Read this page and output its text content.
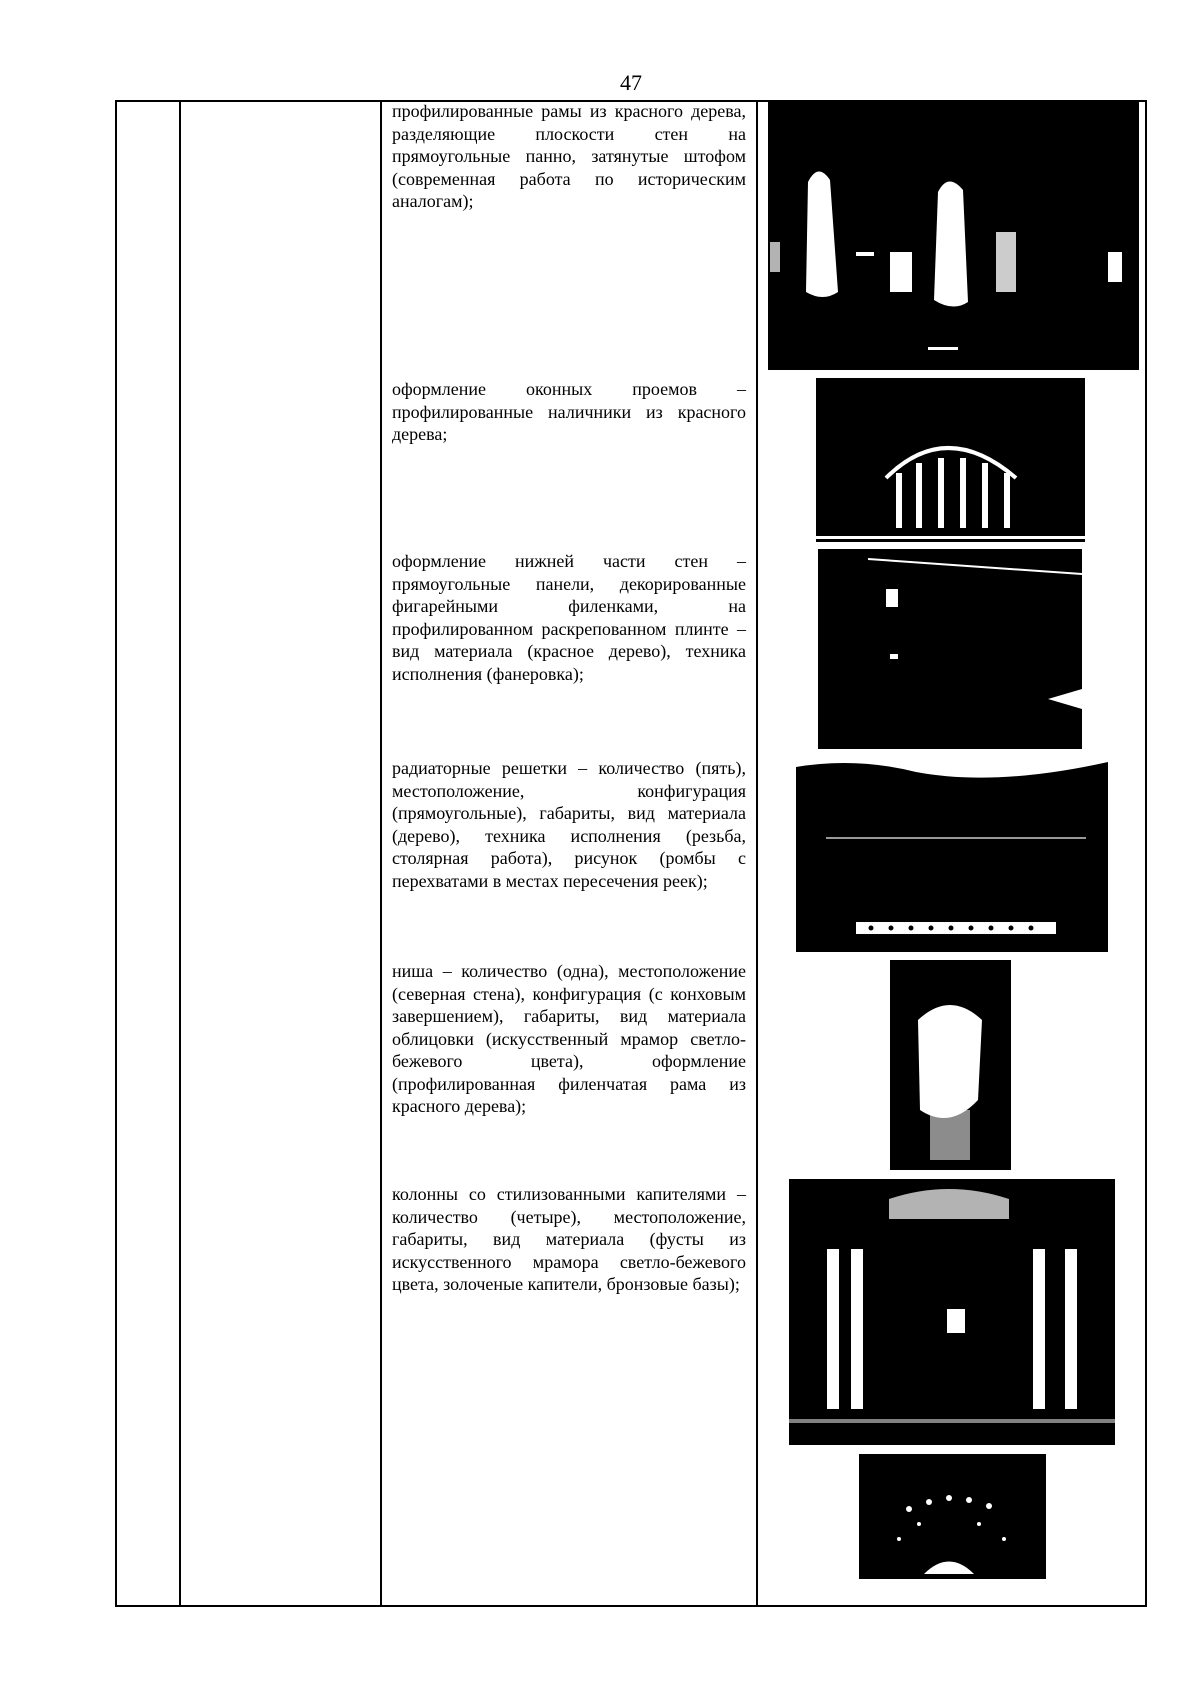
47
профилированные рамы из красного дерева, разделяющие плоскости стен на прямоугольные панно, затянутые штофом (современная работа по историческим аналогам);
оформление оконных проемов – профилированные наличники из красного дерева;
оформление нижней части стен – прямоугольные панели, декорированные фигарейными филенками, на профилированном раскрепованном плинте – вид материала (красное дерево), техника исполнения (фанеровка);
радиаторные решетки – количество (пять), местоположение, конфигурация (прямоугольные), габариты, вид материала (дерево), техника исполнения (резьба, столярная работа), рисунок (ромбы с перехватами в местах пересечения реек);
ниша – количество (одна), местоположение (северная стена), конфигурация (с конховым завершением), габариты, вид материала облицовки (искусственный мрамор светло-бежевого цвета), оформление (профилированная филенчатая рама из красного дерева);
колонны со стилизованными капителями – количество (четыре), местоположение, габариты, вид материала (фусты из искусственного мрамора светло-бежевого цвета, золоченые капители, бронзовые базы);
